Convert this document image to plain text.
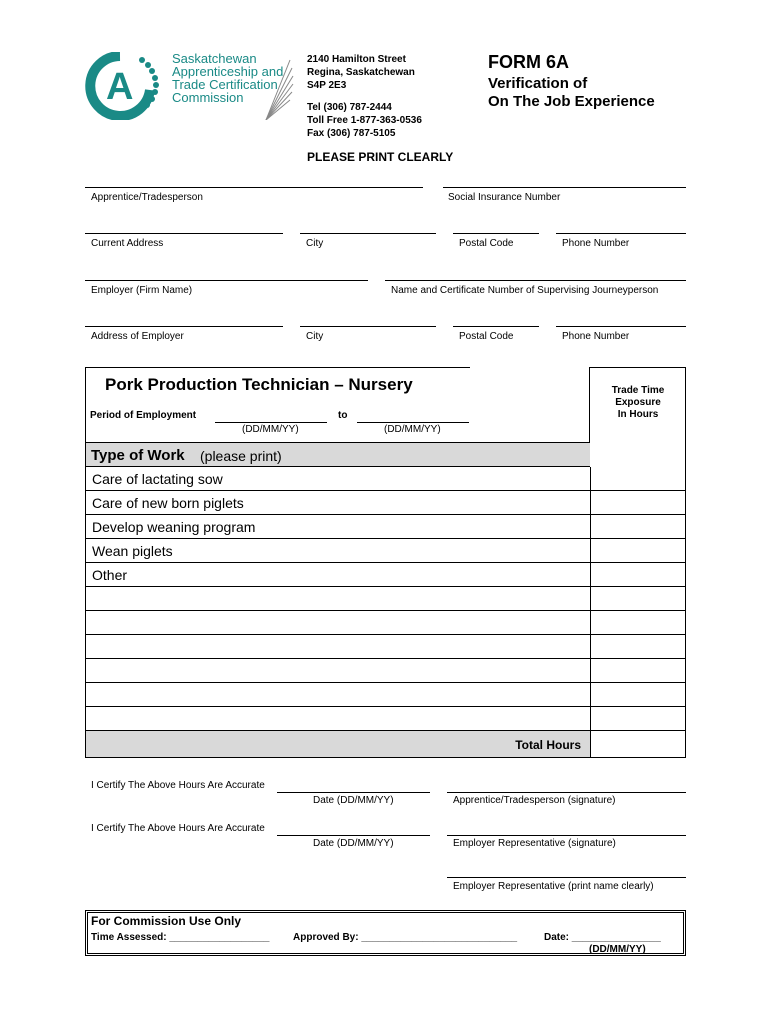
A
Saskatchewan
Apprenticeship and
Trade Certification
Commission
2140 Hamilton Street
Regina, Saskatchewan
S4P 2E3
Tel (306) 787-2444
Toll Free 1-877-363-0536
Fax (306) 787-5105
FORM 6A
Verification of
On The Job Experience
PLEASE PRINT CLEARLY
Apprentice/Tradesperson	Social Insurance Number
Current Address	City	Postal Code	Phone Number
Employer (Firm Name)	Name and Certificate Number of Supervising Journeyperson
Address of Employer	City	Postal Code	Phone Number
Pork Production Technician – Nursery	Trade Time
Exposure
In Hours
Period of Employment
(DD/MM/YY)
to
(DD/MM/YY)
Type of Work (please print)
Care of lactating sow
Care of new born piglets
Develop weaning program
Wean piglets
Other
Total Hours
I Certify The Above Hours Are Accurate
Date (DD/MM/YY)	Apprentice/Tradesperson (signature)
I Certify The Above Hours Are Accurate
Date (DD/MM/YY)	Employer Representative (signature)
Employer Representative (print name clearly)
For Commission Use Only
Time Assessed: __________________ Approved By: ____________________________	Date: ________________
(DD/MM/YY)
